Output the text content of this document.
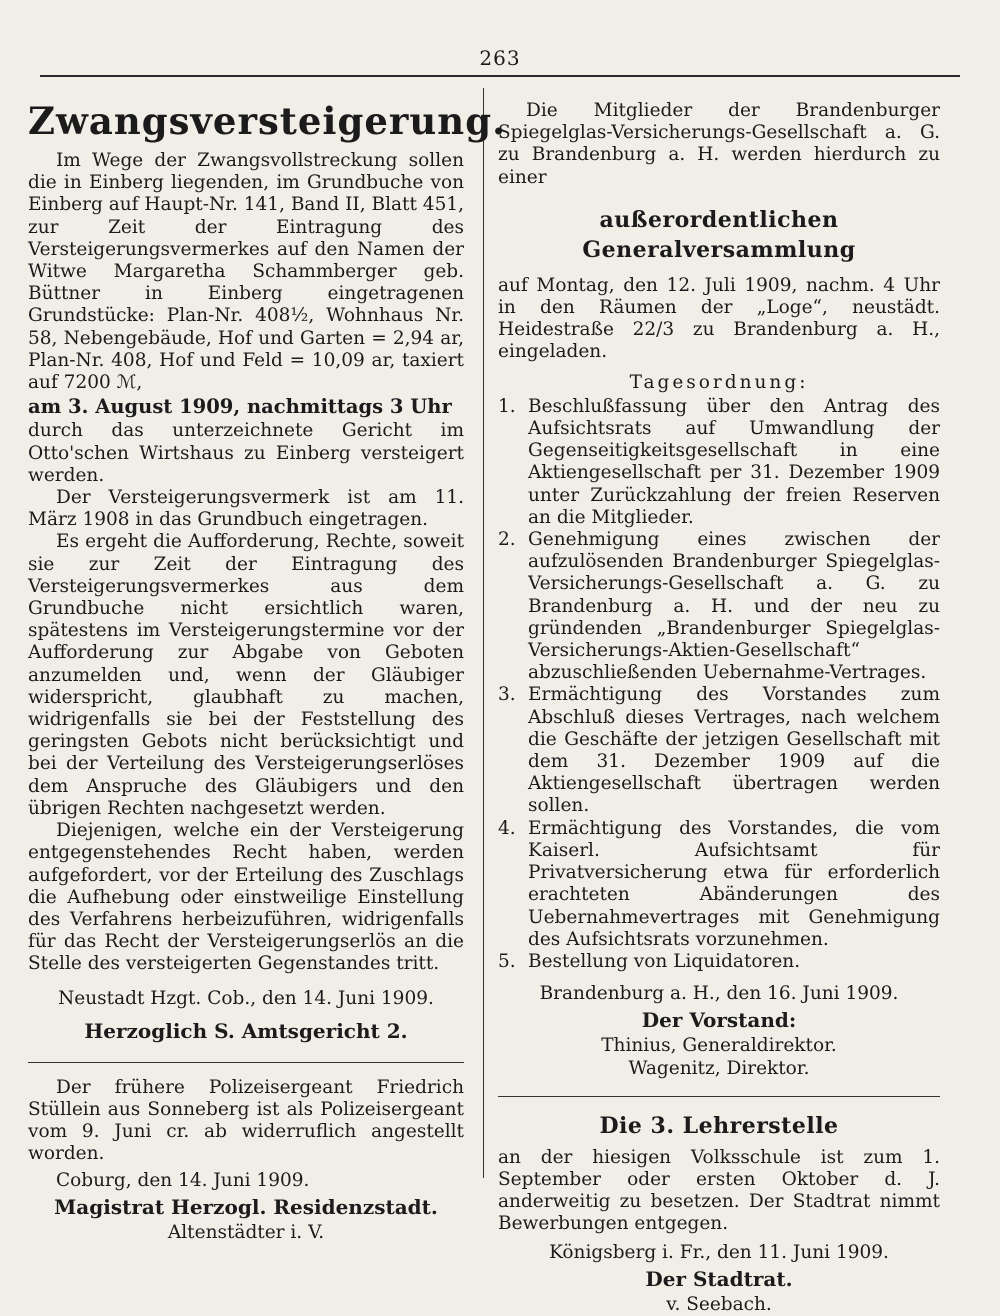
263
Zwangsversteigerung.

Im Wege der Zwangsvollstreckung sollen die in Einberg liegenden, im Grundbuche von Einberg auf Haupt-Nr. 141, Band II, Blatt 451, zur Zeit der Eintragung des Versteigerungsvermerkes auf den Namen der Witwe Margaretha Schammberger geb. Büttner in Einberg eingetragenen Grundstücke: Plan-Nr. 408½, Wohnhaus Nr. 58, Nebengebäude, Hof und Garten = 2,94 ar, Plan-Nr. 408, Hof und Feld = 10,09 ar, taxiert auf 7200 ℳ,

am 3. August 1909, nachmittags 3 Uhr

durch das unterzeichnete Gericht im Otto'schen Wirtshaus zu Einberg versteigert werden.

Der Versteigerungsvermerk ist am 11. März 1908 in das Grundbuch eingetragen.

Es ergeht die Aufforderung, Rechte, soweit sie zur Zeit der Eintragung des Versteigerungsvermerkes aus dem Grundbuche nicht ersichtlich waren, spätestens im Versteigerungstermine vor der Aufforderung zur Abgabe von Geboten anzumelden und, wenn der Gläubiger widerspricht, glaubhaft zu machen, widrigenfalls sie bei der Feststellung des geringsten Gebots nicht berücksichtigt und bei der Verteilung des Versteigerungserlöses dem Anspruche des Gläubigers und den übrigen Rechten nachgesetzt werden.

Diejenigen, welche ein der Versteigerung entgegenstehendes Recht haben, werden aufgefordert, vor der Erteilung des Zuschlags die Aufhebung oder einstweilige Einstellung des Verfahrens herbeizuführen, widrigenfalls für das Recht der Versteigerungserlös an die Stelle des versteigerten Gegenstandes tritt.

Neustadt Hzgt. Cob., den 14. Juni 1909.

Herzoglich S. Amtsgericht 2.

Der frühere Polizeisergeant Friedrich Stüllein aus Sonneberg ist als Polizeisergeant vom 9. Juni cr. ab widerruflich angestellt worden.

Coburg, den 14. Juni 1909.

Magistrat Herzogl. Residenzstadt.

Altenstädter i. V.

Die Mitglieder der Brandenburger Spiegelglas-Versicherungs-Gesellschaft a. G. zu Brandenburg a. H. werden hierdurch zu einer

außerordentlichen Generalversammlung

auf Montag, den 12. Juli 1909, nachm. 4 Uhr in den Räumen der „Loge“, neustädt. Heidestraße 22/3 zu Brandenburg a. H., eingeladen.

Tagesordnung:

1. Beschlußfassung über den Antrag des Aufsichtsrats auf Umwandlung der Gegenseitigkeitsgesellschaft in eine Aktiengesellschaft per 31. Dezember 1909 unter Zurückzahlung der freien Reserven an die Mitglieder.
2. Genehmigung eines zwischen der aufzulösenden Brandenburger Spiegelglas-Versicherungs-Gesellschaft a. G. zu Brandenburg a. H. und der neu zu gründenden „Brandenburger Spiegelglas-Versicherungs-Aktien-Gesellschaft“ abzuschließenden Uebernahme-Vertrages.
3. Ermächtigung des Vorstandes zum Abschluß dieses Vertrages, nach welchem die Geschäfte der jetzigen Gesellschaft mit dem 31. Dezember 1909 auf die Aktiengesellschaft übertragen werden sollen.
4. Ermächtigung des Vorstandes, die vom Kaiserl. Aufsichtsamt für Privatversicherung etwa für erforderlich erachteten Abänderungen des Uebernahmevertrages mit Genehmigung des Aufsichtsrats vorzunehmen.
5. Bestellung von Liquidatoren.

Brandenburg a. H., den 16. Juni 1909.

Der Vorstand:

Thinius, Generaldirektor.

Wagenitz, Direktor.

Die 3. Lehrerstelle

an der hiesigen Volksschule ist zum 1. September oder ersten Oktober d. J. anderweitig zu besetzen. Der Stadtrat nimmt Bewerbungen entgegen.

Königsberg i. Fr., den 11. Juni 1909.

Der Stadtrat.

v. Seebach.
